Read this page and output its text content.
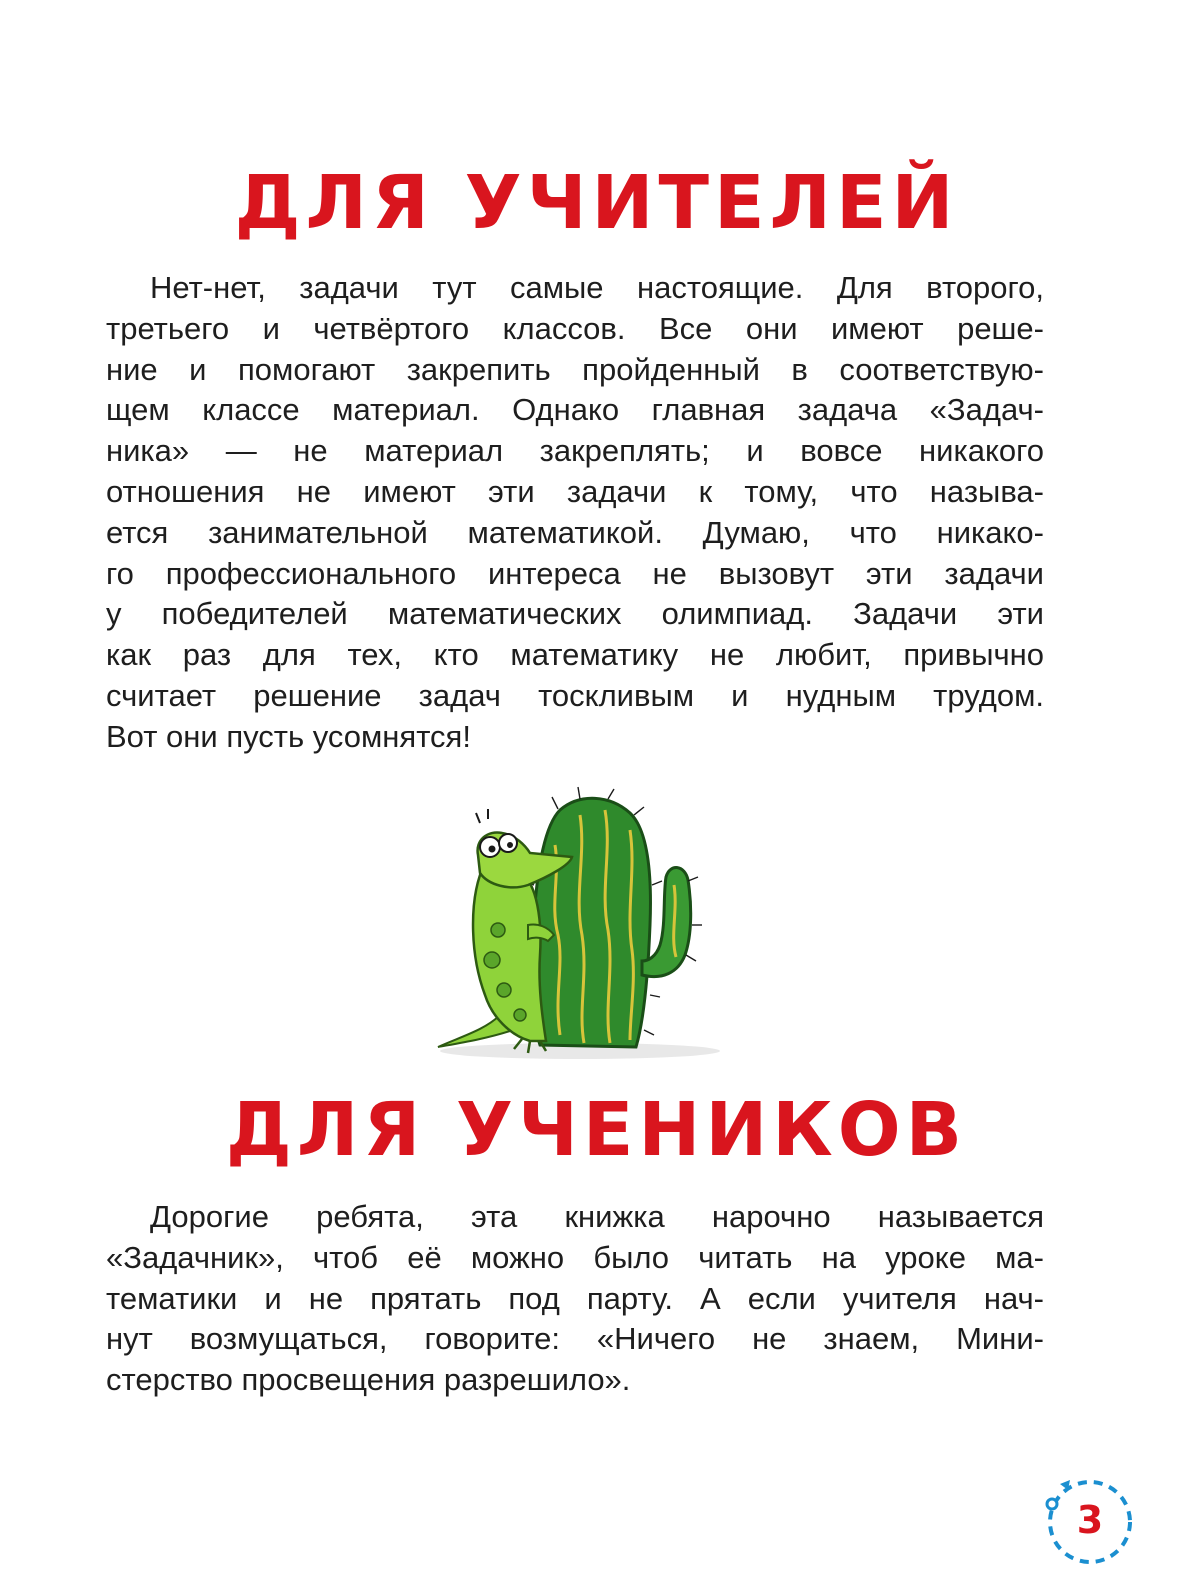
ДЛЯ УЧИТЕЛЕЙ
Нет-нет, задачи тут самые настоящие. Для второго,
третьего и четвёртого классов. Все они имеют реше-
ние и помогают закрепить пройденный в соответствую-
щем классе материал. Однако главная задача «Задач-
ника» — не материал закреплять; и вовсе никакого
отношения не имеют эти задачи к тому, что называ-
ется занимательной математикой. Думаю, что никако-
го профессионального интереса не вызовут эти задачи
у победителей математических олимпиад. Задачи эти
как раз для тех, кто математику не любит, привычно
считает решение задач тоскливым и нудным трудом.
Вот они пусть усомнятся!
ДЛЯ УЧЕНИКОВ
Дорогие ребята, эта книжка нарочно называется
«Задачник», чтоб её можно было читать на уроке ма-
тематики и не прятать под парту. А если учителя нач-
нут возмущаться, говорите: «Ничего не знаем, Мини-
стерство просвещения разрешило».
3
